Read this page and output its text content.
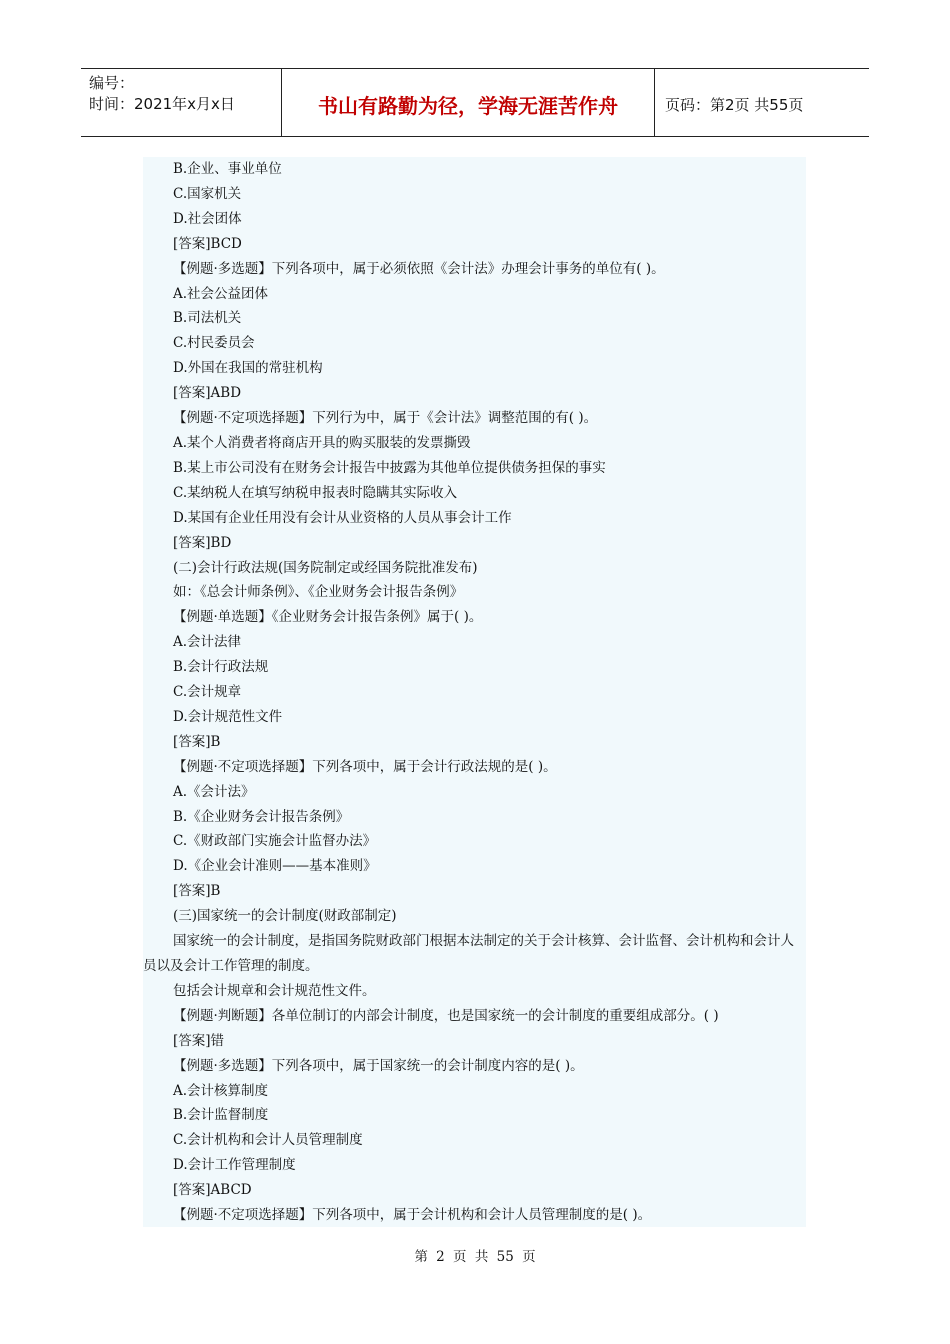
编号：
时间：2021年x月x日	书山有路勤为径，学海无涯苦作舟	页码：第2页 共55页
B.企业、事业单位
C.国家机关
D.社会团体
[答案]BCD
【例题·多选题】下列各项中，属于必须依照《会计法》办理会计事务的单位有( )。
A.社会公益团体
B.司法机关
C.村民委员会
D.外国在我国的常驻机构
[答案]ABD
【例题·不定项选择题】下列行为中，属于《会计法》调整范围的有( )。
A.某个人消费者将商店开具的购买服装的发票撕毁
B.某上市公司没有在财务会计报告中披露为其他单位提供债务担保的事实
C.某纳税人在填写纳税申报表时隐瞒其实际收入
D.某国有企业任用没有会计从业资格的人员从事会计工作
[答案]BD
(二)会计行政法规(国务院制定或经国务院批准发布)
如：《总会计师条例》、《企业财务会计报告条例》
【例题·单选题】《企业财务会计报告条例》属于( )。
A.会计法律
B.会计行政法规
C.会计规章
D.会计规范性文件
[答案]B
【例题·不定项选择题】下列各项中，属于会计行政法规的是( )。
A.《会计法》
B.《企业财务会计报告条例》
C.《财政部门实施会计监督办法》
D.《企业会计准则——基本准则》
[答案]B
(三)国家统一的会计制度(财政部制定)
国家统一的会计制度，是指国务院财政部门根据本法制定的关于会计核算、会计监督、会计机构和会计人员以及会计工作管理的制度。
包括会计规章和会计规范性文件。
【例题·判断题】各单位制订的内部会计制度，也是国家统一的会计制度的重要组成部分。( )
[答案]错
【例题·多选题】下列各项中，属于国家统一的会计制度内容的是( )。
A.会计核算制度
B.会计监督制度
C.会计机构和会计人员管理制度
D.会计工作管理制度
[答案]ABCD
【例题·不定项选择题】下列各项中，属于会计机构和会计人员管理制度的是( )。
第 2 页 共 55 页
